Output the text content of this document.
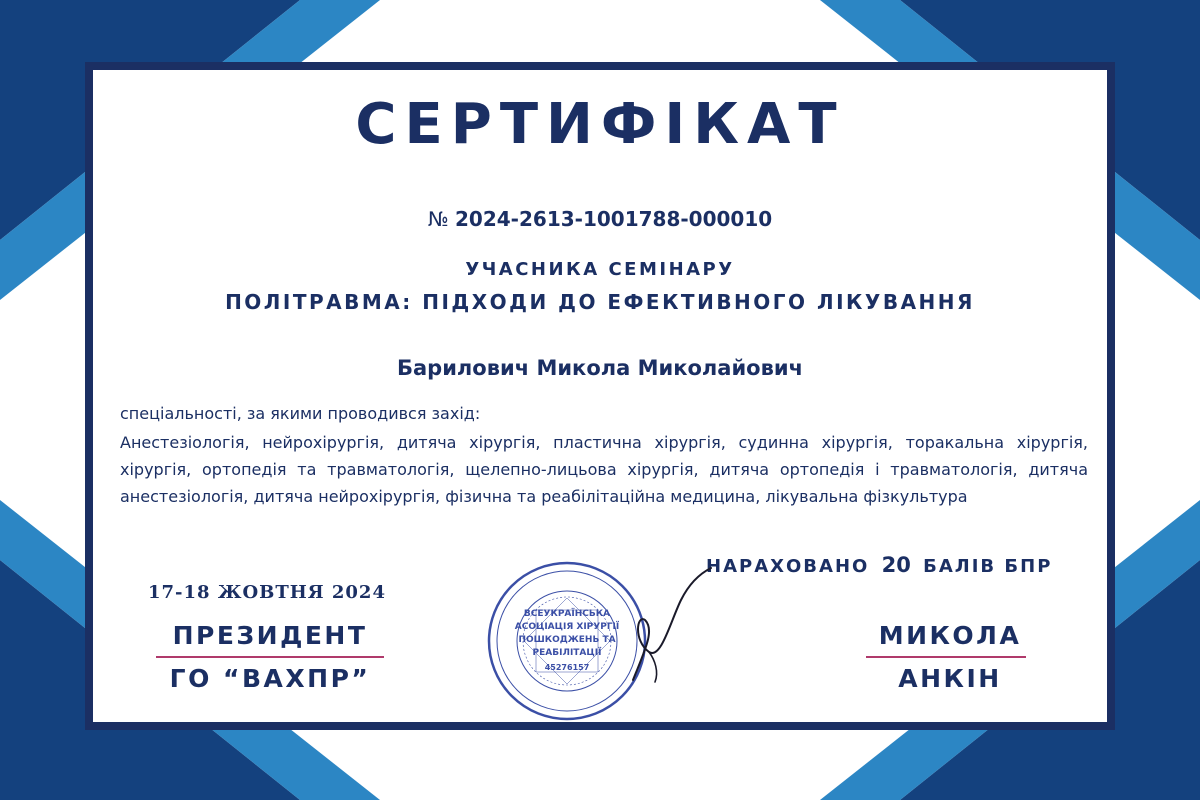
СЕРТИФІКАТ
№ 2024-2613-1001788-000010
УЧАСНИКА СЕМІНАРУ
ПОЛІТРАВМА: ПІДХОДИ ДО ЕФЕКТИВНОГО ЛІКУВАННЯ
Барилович Микола Миколайович
спеціальності, за якими проводився захід:
Анестезіологія, нейрохірургія, дитяча хірургія, пластична хірургія, судинна хірургія, торакальна хірургія, хірургія, ортопедія та травматологія, щелепно-лицьова хірургія, дитяча ортопедія і травматологія, дитяча анестезіологія, дитяча нейрохірургія, фізична та реабілітаційна медицина, лікувальна фізкультура
НАРАХОВАНО 20 БАЛІВ БПР
17-18 ЖОВТНЯ 2024
ПРЕЗИДЕНТ
ГО “ВАХПР”
МИКОЛА
АНКІН
ВСЕУКРАЇНСЬКА
АСОЦІАЦІЯ ХІРУРГІЇ
ПОШКОДЖЕНЬ ТА
РЕАБІЛІТАЦІЇ
45276157
